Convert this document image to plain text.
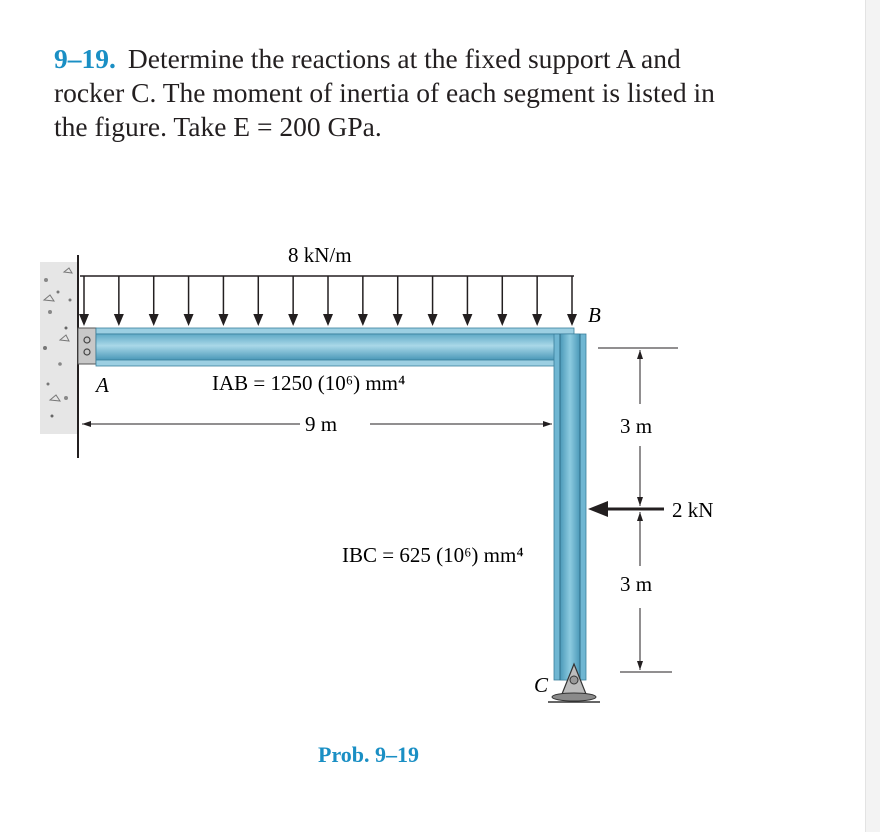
9–19. Determine the reactions at the fixed support A and
rocker C. The moment of inertia of each segment is listed in
the figure. Take E = 200 GPa.
8 kN/m
A
B
C
IAB = 1250 (10⁶) mm⁴
IBC = 625 (10⁶) mm⁴
9 m	3 m
3 m
2 kN
Prob. 9–19
